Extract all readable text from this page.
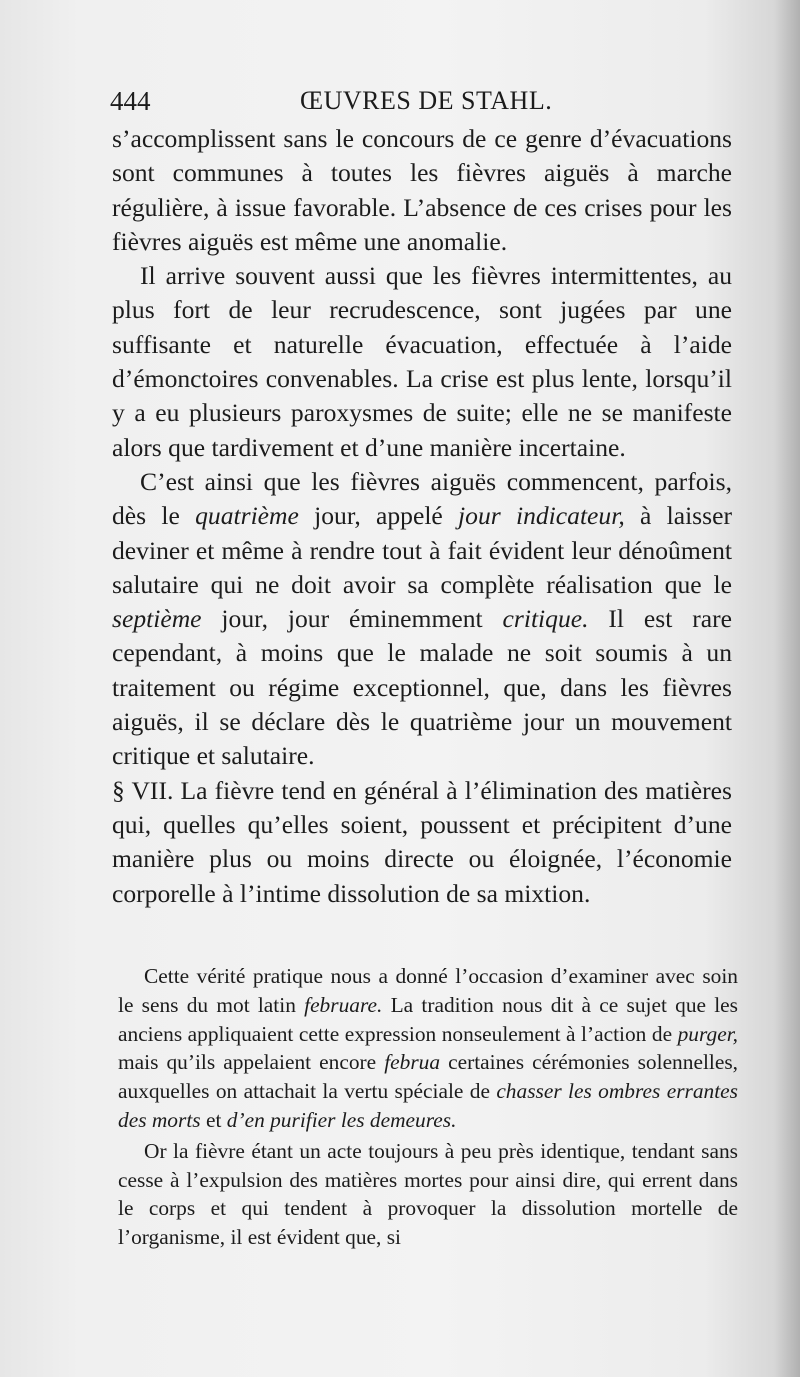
444	ŒUVRES DE STAHL.

s’accomplissent sans le concours de ce genre d’évacuations sont communes à toutes les fièvres aiguës à marche régulière, à issue favorable. L’absence de ces crises pour les fièvres aiguës est même une anomalie.

Il arrive souvent aussi que les fièvres intermittentes, au plus fort de leur recrudescence, sont jugées par une suffisante et naturelle évacuation, effectuée à l’aide d’émonctoires convenables. La crise est plus lente, lorsqu’il y a eu plusieurs paroxysmes de suite; elle ne se manifeste alors que tardivement et d’une manière incertaine.

C’est ainsi que les fièvres aiguës commencent, parfois, dès le quatrième jour, appelé jour indicateur, à laisser deviner et même à rendre tout à fait évident leur dénoûment salutaire qui ne doit avoir sa complète réalisation que le septième jour, jour éminemment critique. Il est rare cependant, à moins que le malade ne soit soumis à un traitement ou régime exceptionnel, que, dans les fièvres aiguës, il se déclare dès le quatrième jour un mouvement critique et salutaire.

§ VII. La fièvre tend en général à l’élimination des matières qui, quelles qu’elles soient, poussent et précipitent d’une manière plus ou moins directe ou éloignée, l’économie corporelle à l’intime dissolution de sa mixtion.

Cette vérité pratique nous a donné l’occasion d’examiner avec soin le sens du mot latin februare. La tradition nous dit à ce sujet que les anciens appliquaient cette expression nonseulement à l’action de purger, mais qu’ils appelaient encore februa certaines cérémonies solennelles, auxquelles on attachait la vertu spéciale de chasser les ombres errantes des morts et d’en purifier les demeures.

Or la fièvre étant un acte toujours à peu près identique, tendant sans cesse à l’expulsion des matières mortes pour ainsi dire, qui errent dans le corps et qui tendent à provoquer la dissolution mortelle de l’organisme, il est évident que, si
